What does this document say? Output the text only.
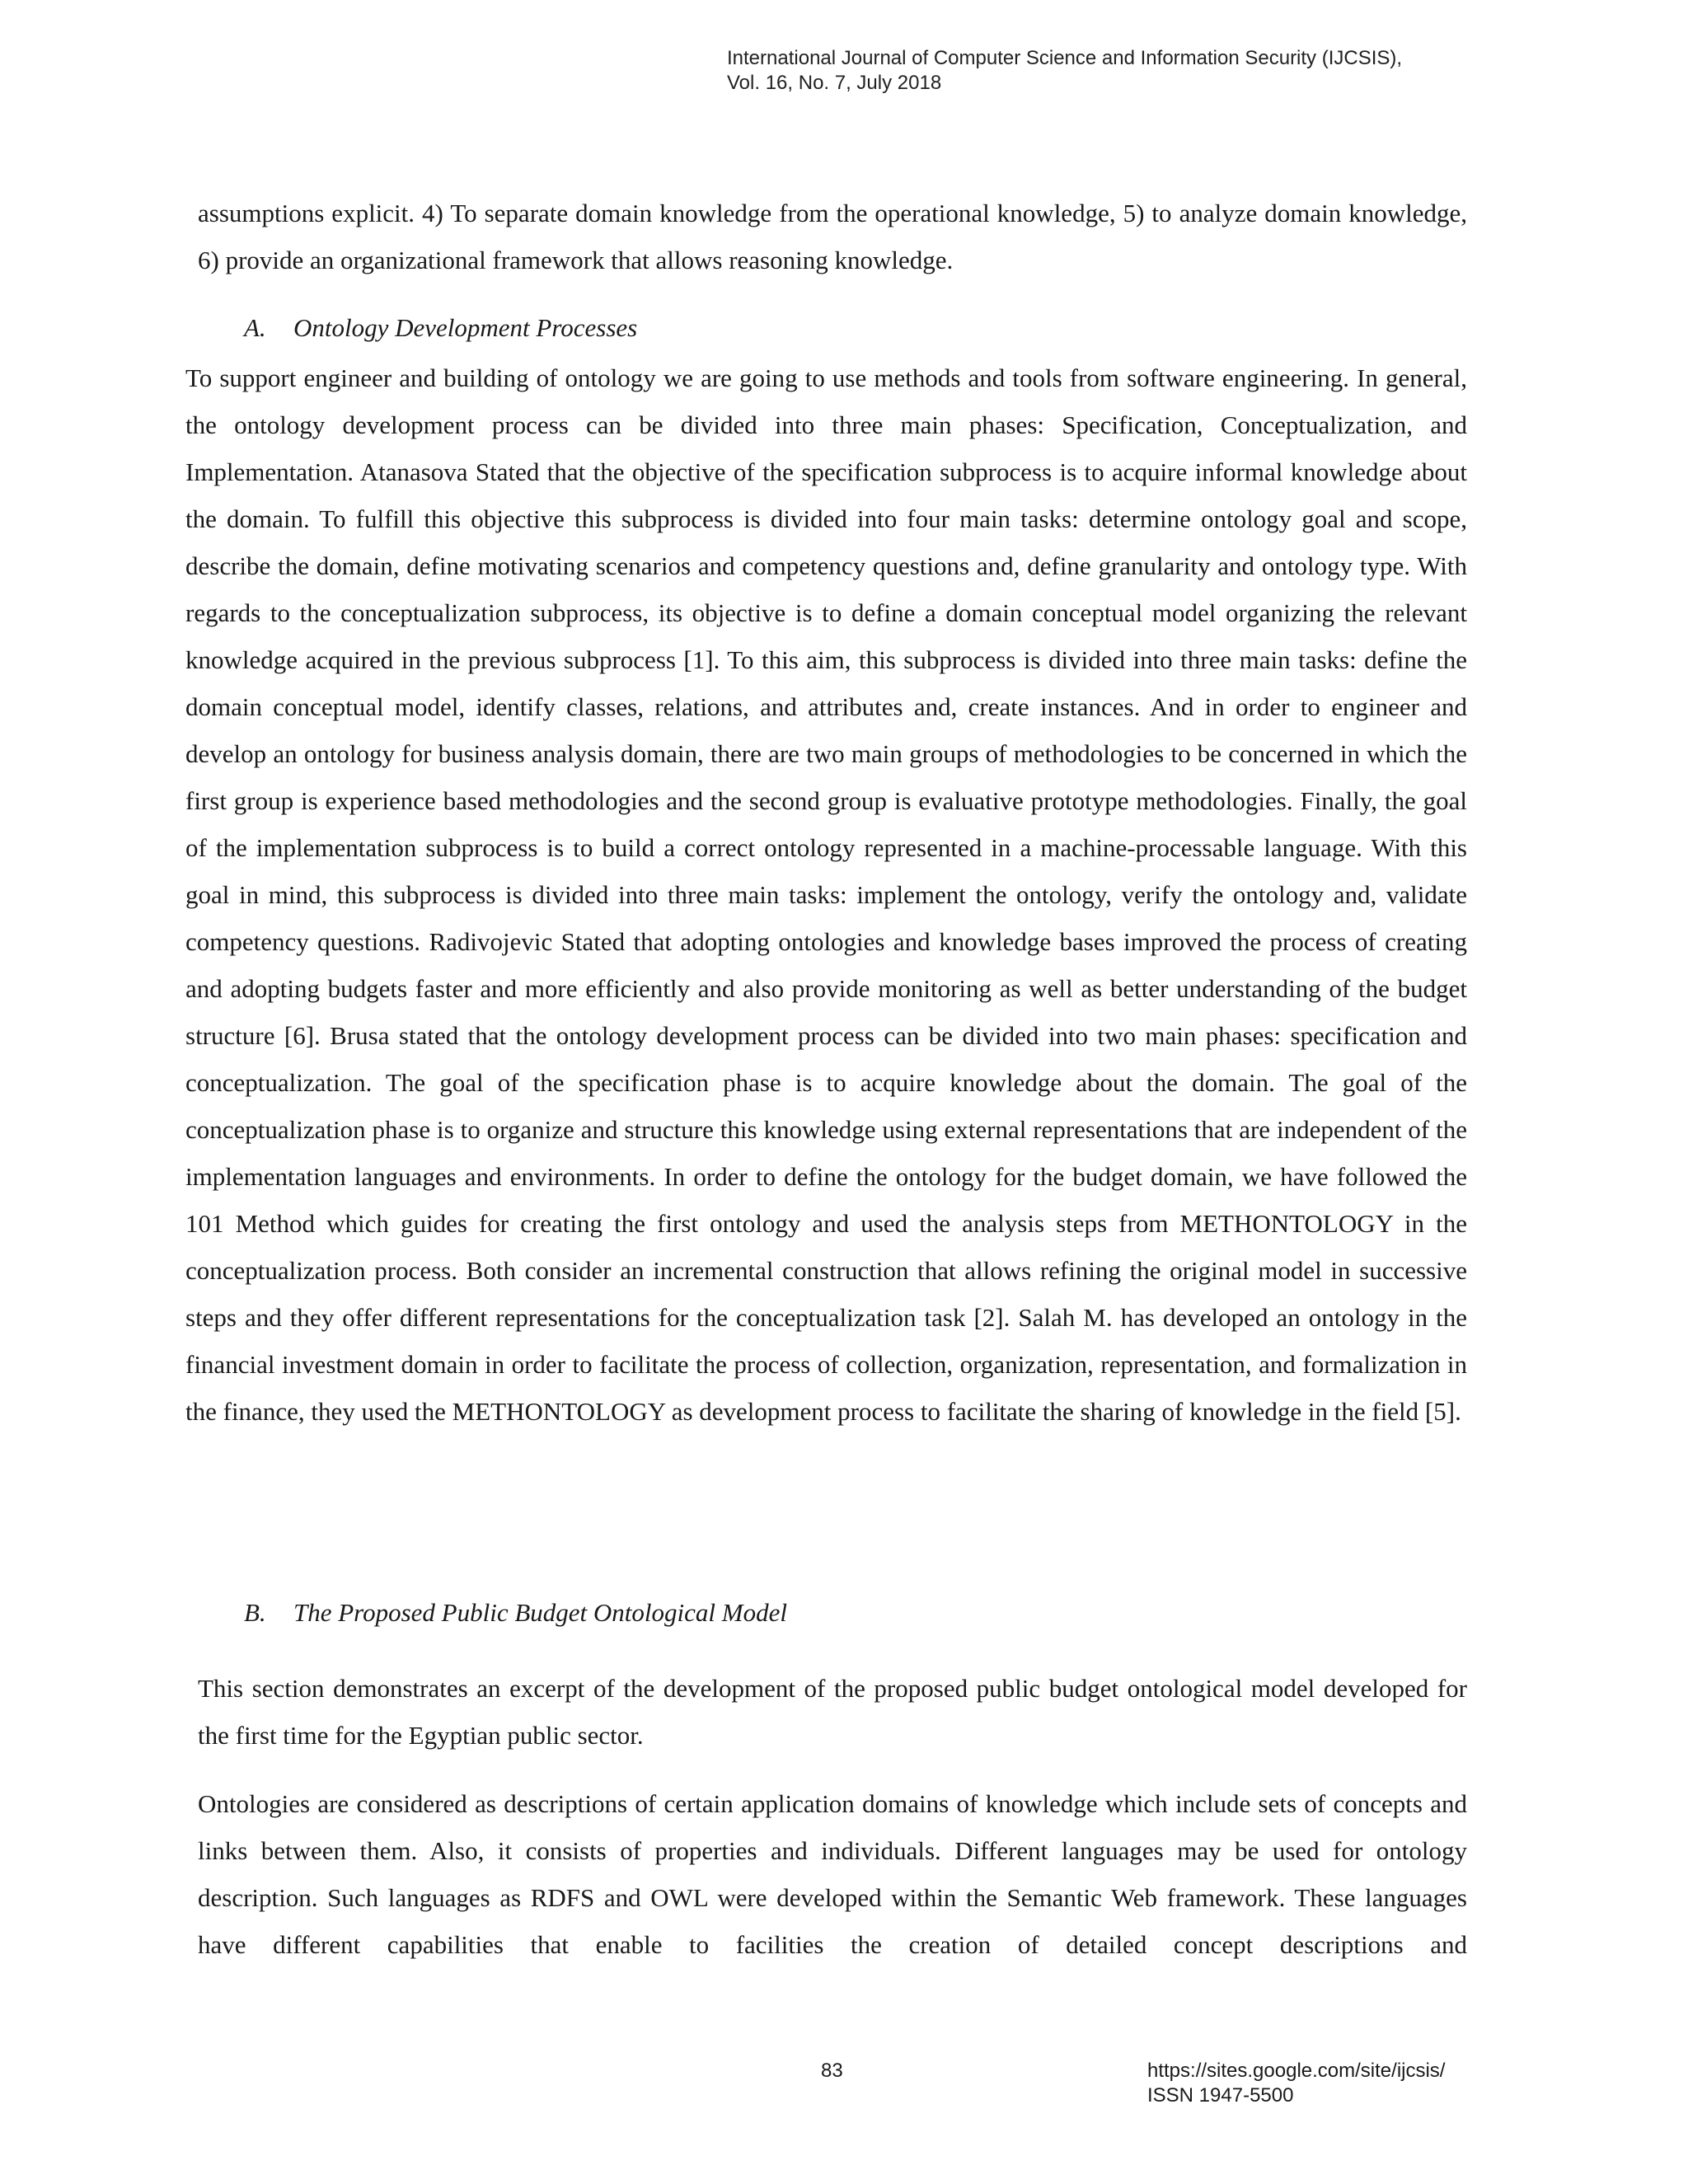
International Journal of Computer Science and Information Security (IJCSIS),
Vol. 16, No. 7, July 2018

assumptions explicit. 4) To separate domain knowledge from the operational knowledge, 5) to analyze domain knowledge, 6) provide an organizational framework that allows reasoning knowledge.

A. Ontology Development Processes

To support engineer and building of ontology we are going to use methods and tools from software engineering. In general, the ontology development process can be divided into three main phases: Specification, Conceptualization, and Implementation. Atanasova Stated that the objective of the specification subprocess is to acquire informal knowledge about the domain. To fulfill this objective this subprocess is divided into four main tasks: determine ontology goal and scope, describe the domain, define motivating scenarios and competency questions and, define granularity and ontology type. With regards to the conceptualization subprocess, its objective is to define a domain conceptual model organizing the relevant knowledge acquired in the previous subprocess [1]. To this aim, this subprocess is divided into three main tasks: define the domain conceptual model, identify classes, relations, and attributes and, create instances. And in order to engineer and develop an ontology for business analysis domain, there are two main groups of methodologies to be concerned in which the first group is experience based methodologies and the second group is evaluative prototype methodologies. Finally, the goal of the implementation subprocess is to build a correct ontology represented in a machine-processable language. With this goal in mind, this subprocess is divided into three main tasks: implement the ontology, verify the ontology and, validate competency questions. Radivojevic Stated that adopting ontologies and knowledge bases improved the process of creating and adopting budgets faster and more efficiently and also provide monitoring as well as better understanding of the budget structure [6]. Brusa stated that the ontology development process can be divided into two main phases: specification and conceptualization. The goal of the specification phase is to acquire knowledge about the domain. The goal of the conceptualization phase is to organize and structure this knowledge using external representations that are independent of the implementation languages and environments. In order to define the ontology for the budget domain, we have followed the 101 Method which guides for creating the first ontology and used the analysis steps from METHONTOLOGY in the conceptualization process. Both consider an incremental construction that allows refining the original model in successive steps and they offer different representations for the conceptualization task [2]. Salah M. has developed an ontology in the financial investment domain in order to facilitate the process of collection, organization, representation, and formalization in the finance, they used the METHONTOLOGY as development process to facilitate the sharing of knowledge in the field [5].

B. The Proposed Public Budget Ontological Model

This section demonstrates an excerpt of the development of the proposed public budget ontological model developed for the first time for the Egyptian public sector.

Ontologies are considered as descriptions of certain application domains of knowledge which include sets of concepts and links between them. Also, it consists of properties and individuals. Different languages may be used for ontology description. Such languages as RDFS and OWL were developed within the Semantic Web framework. These languages have different capabilities that enable to facilities the creation of detailed concept descriptions and

83	https://sites.google.com/site/ijcsis/
ISSN 1947-5500
